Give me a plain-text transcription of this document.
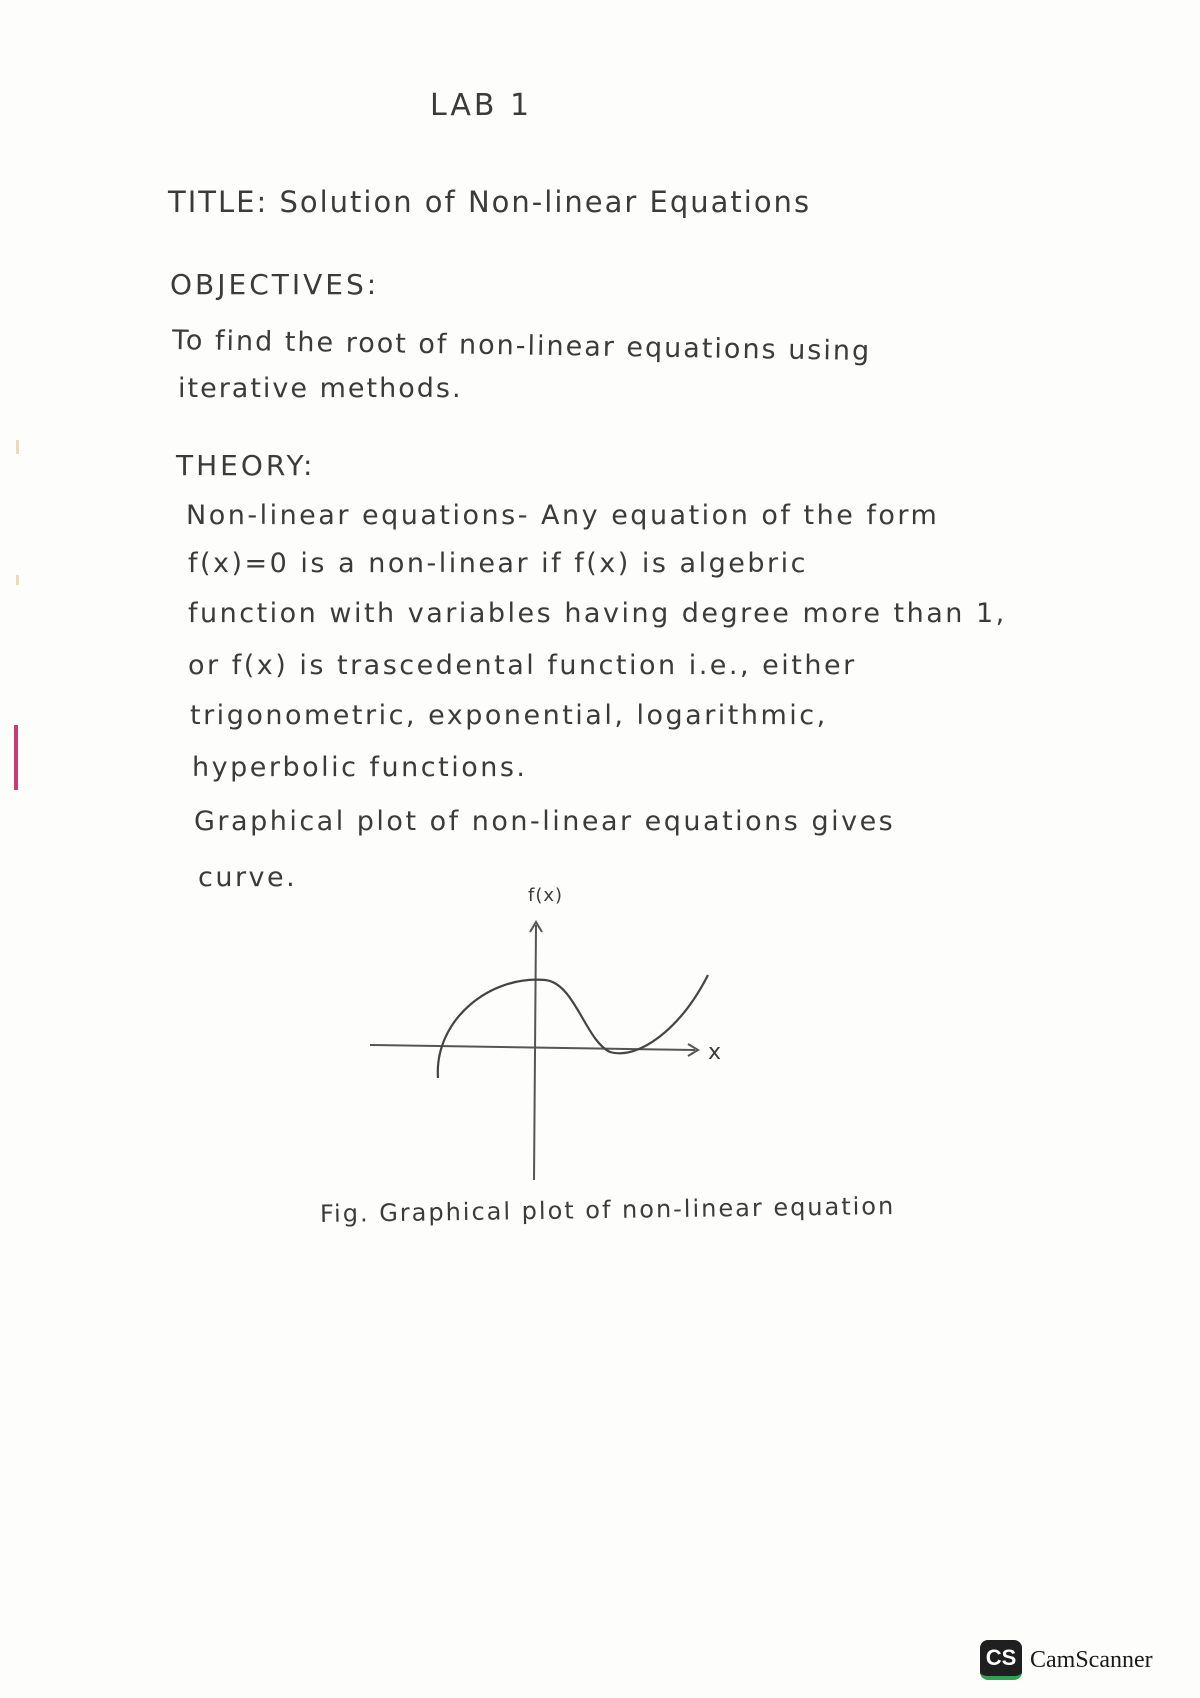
LAB 1
TITLE: Solution of Non-linear Equations
OBJECTIVES:
To find the root of non-linear equations using
iterative methods.
THEORY:
Non-linear equations- Any equation of the form
f(x)=0 is a non-linear if f(x) is algebric
function with variables having degree more than 1,
or f(x) is trascedental function i.e., either
trigonometric, exponential, logarithmic,
hyperbolic functions.
Graphical plot of non-linear equations gives
curve.
f(x)
x
Fig. Graphical plot of non-linear equation
CS CamScanner
